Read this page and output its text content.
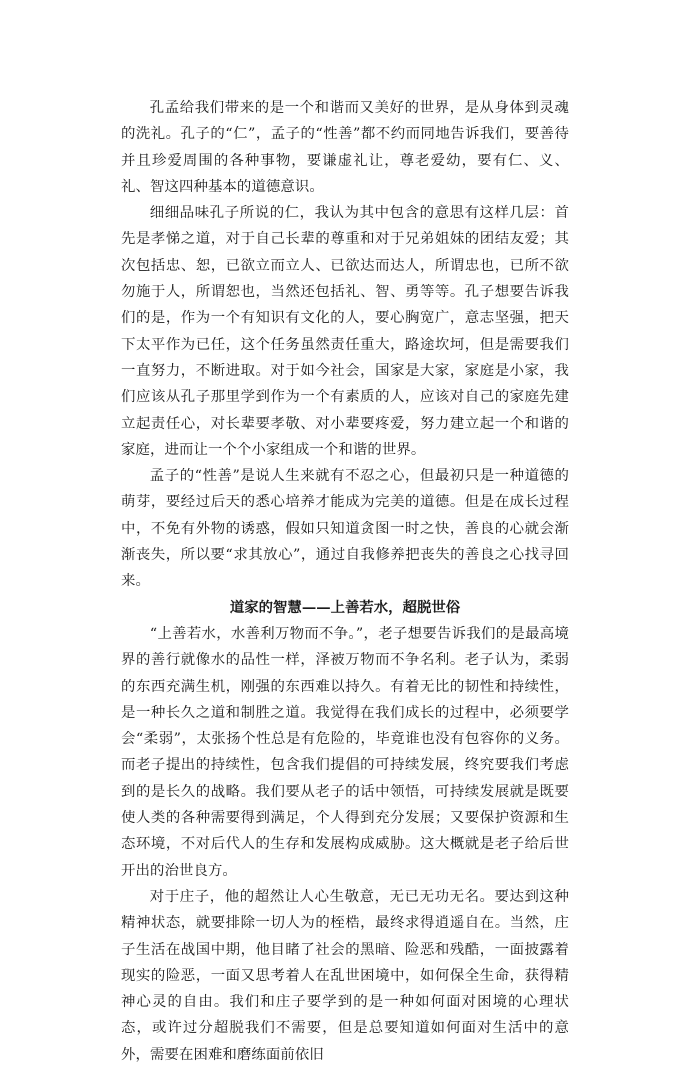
孔孟给我们带来的是一个和谐而又美好的世界，是从身体到灵魂的洗礼。孔子的“仁”，孟子的“性善”都不约而同地告诉我们，要善待并且珍爱周围的各种事物，要谦虚礼让，尊老爱幼，要有仁、义、礼、智这四种基本的道德意识。

细细品味孔子所说的仁，我认为其中包含的意思有这样几层：首先是孝悌之道，对于自己长辈的尊重和对于兄弟姐妹的团结友爱；其次包括忠、恕，已欲立而立人、已欲达而达人，所谓忠也，已所不欲勿施于人，所谓恕也，当然还包括礼、智、勇等等。孔子想要告诉我们的是，作为一个有知识有文化的人，要心胸宽广，意志坚强，把天下太平作为已任，这个任务虽然责任重大，路途坎坷，但是需要我们一直努力，不断进取。对于如今社会，国家是大家，家庭是小家，我们应该从孔子那里学到作为一个有素质的人，应该对自己的家庭先建立起责任心，对长辈要孝敬、对小辈要疼爱，努力建立起一个和谐的家庭，进而让一个个小家组成一个和谐的世界。

孟子的“性善”是说人生来就有不忍之心，但最初只是一种道德的萌芽，要经过后天的悉心培养才能成为完美的道德。但是在成长过程中，不免有外物的诱惑，假如只知道贪图一时之快，善良的心就会渐渐丧失，所以要“求其放心”，通过自我修养把丧失的善良之心找寻回来。

道家的智慧——上善若水，超脱世俗

“上善若水，水善利万物而不争。”，老子想要告诉我们的是最高境界的善行就像水的品性一样，泽被万物而不争名利。老子认为，柔弱的东西充满生机，刚强的东西难以持久。有着无比的韧性和持续性，是一种长久之道和制胜之道。我觉得在我们成长的过程中，必须要学会“柔弱”，太张扬个性总是有危险的，毕竟谁也没有包容你的义务。而老子提出的持续性，包含我们提倡的可持续发展，终究要我们考虑到的是长久的战略。我们要从老子的话中领悟，可持续发展就是既要使人类的各种需要得到满足，个人得到充分发展；又要保护资源和生态环境，不对后代人的生存和发展构成威胁。这大概就是老子给后世开出的治世良方。

对于庄子，他的超然让人心生敬意，无已无功无名。要达到这种精神状态，就要排除一切人为的桎梏，最终求得逍遥自在。当然，庄子生活在战国中期，他目睹了社会的黑暗、险恶和残酷，一面披露着现实的险恶，一面又思考着人在乱世困境中，如何保全生命，获得精神心灵的自由。我们和庄子要学到的是一种如何面对困境的心理状态，或许过分超脱我们不需要，但是总要知道如何面对生活中的意外，需要在困难和磨练面前依旧
